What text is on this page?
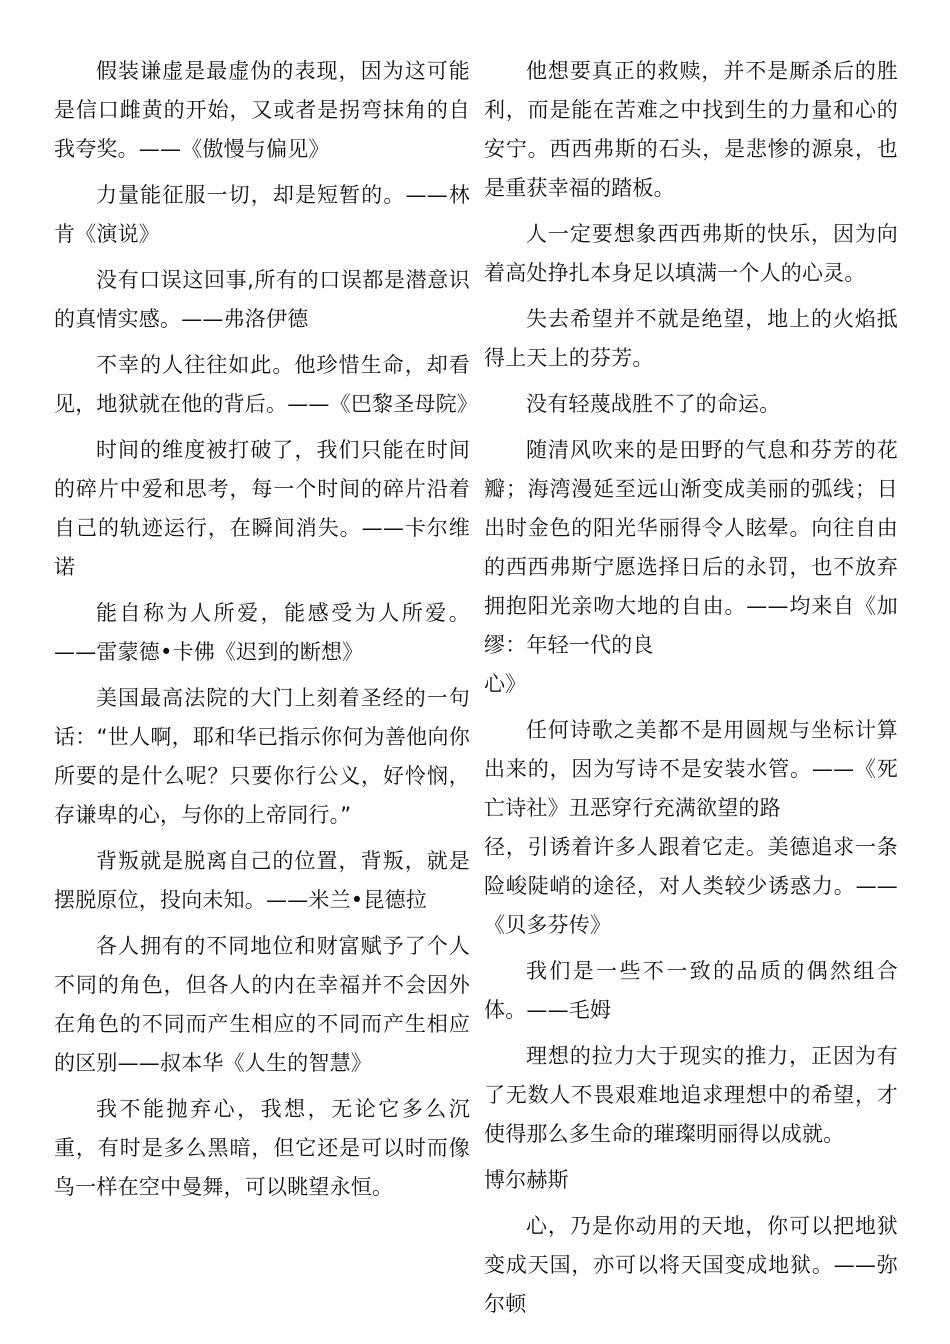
假装谦虚是最虚伪的表现，因为这可能是信口雌黄的开始，又或者是拐弯抹角的自我夸奖。——《傲慢与偏见》

力量能征服一切，却是短暂的。——林肯《演说》

没有口误这回事,所有的口误都是潜意识的真情实感。——弗洛伊德

不幸的人往往如此。他珍惜生命，却看见，地狱就在他的背后。——《巴黎圣母院》

时间的维度被打破了，我们只能在时间的碎片中爱和思考，每一个时间的碎片沿着自己的轨迹运行，在瞬间消失。——卡尔维诺

能自称为人所爱，能感受为人所爱。——雷蒙德•卡佛《迟到的断想》

美国最高法院的大门上刻着圣经的一句话：“世人啊，耶和华已指示你何为善他向你所要的是什么呢？只要你行公义，好怜悯，存谦卑的心，与你的上帝同行。”

背叛就是脱离自己的位置，背叛，就是摆脱原位，投向未知。——米兰•昆德拉

各人拥有的不同地位和财富赋予了个人不同的角色，但各人的内在幸福并不会因外在角色的不同而产生相应的不同而产生相应的区别——叔本华《人生的智慧》

我不能抛弃心，我想，无论它多么沉重，有时是多么黑暗，但它还是可以时而像鸟一样在空中曼舞，可以眺望永恒。

他想要真正的救赎，并不是厮杀后的胜利，而是能在苦难之中找到生的力量和心的安宁。西西弗斯的石头，是悲惨的源泉，也是重获幸福的踏板。

人一定要想象西西弗斯的快乐，因为向着高处挣扎本身足以填满一个人的心灵。

失去希望并不就是绝望，地上的火焰抵得上天上的芬芳。

没有轻蔑战胜不了的命运。

随清风吹来的是田野的气息和芬芳的花瓣；海湾漫延至远山渐变成美丽的弧线；日出时金色的阳光华丽得令人眩晕。向往自由的西西弗斯宁愿选择日后的永罚，也不放弃拥抱阳光亲吻大地的自由。——均来自《加缪：年轻一代的良
心》

任何诗歌之美都不是用圆规与坐标计算出来的，因为写诗不是安装水管。——《死亡诗社》丑恶穿行充满欲望的路
径，引诱着许多人跟着它走。美德追求一条险峻陡峭的途径，对人类较少诱惑力。——《贝多芬传》

我们是一些不一致的品质的偶然组合体。——毛姆

理想的拉力大于现实的推力，正因为有了无数人不畏艰难地追求理想中的希望，才使得那么多生命的璀璨明丽得以成就。

博尔赫斯

心，乃是你动用的天地，你可以把地狱变成天国，亦可以将天国变成地狱。——弥尔顿
